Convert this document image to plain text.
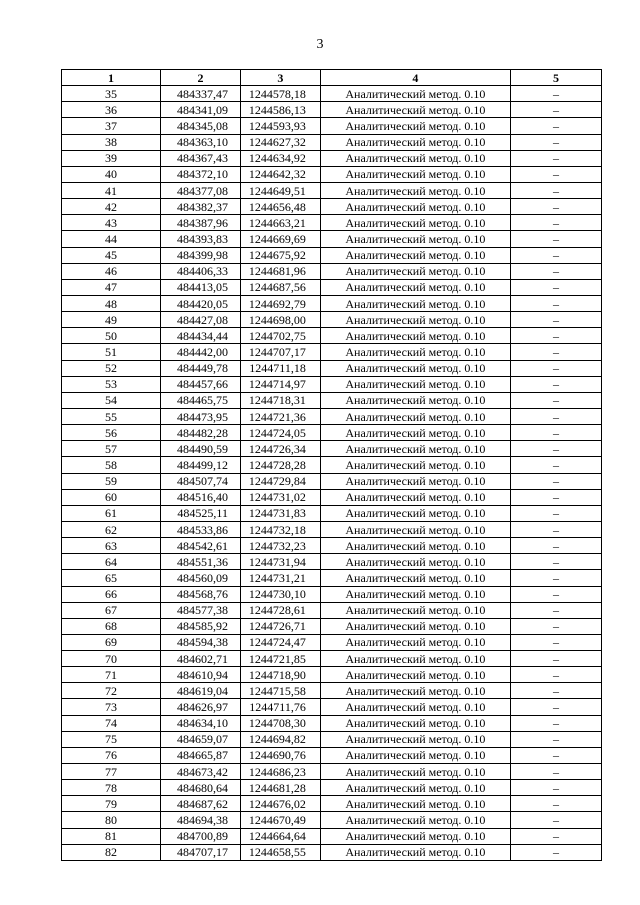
3
1	2	3	4	5
35	484337,47	1244578,18	Аналитический метод. 0.10	–
36	484341,09	1244586,13	Аналитический метод. 0.10	–
37	484345,08	1244593,93	Аналитический метод. 0.10	–
38	484363,10	1244627,32	Аналитический метод. 0.10	–
39	484367,43	1244634,92	Аналитический метод. 0.10	–
40	484372,10	1244642,32	Аналитический метод. 0.10	–
41	484377,08	1244649,51	Аналитический метод. 0.10	–
42	484382,37	1244656,48	Аналитический метод. 0.10	–
43	484387,96	1244663,21	Аналитический метод. 0.10	–
44	484393,83	1244669,69	Аналитический метод. 0.10	–
45	484399,98	1244675,92	Аналитический метод. 0.10	–
46	484406,33	1244681,96	Аналитический метод. 0.10	–
47	484413,05	1244687,56	Аналитический метод. 0.10	–
48	484420,05	1244692,79	Аналитический метод. 0.10	–
49	484427,08	1244698,00	Аналитический метод. 0.10	–
50	484434,44	1244702,75	Аналитический метод. 0.10	–
51	484442,00	1244707,17	Аналитический метод. 0.10	–
52	484449,78	1244711,18	Аналитический метод. 0.10	–
53	484457,66	1244714,97	Аналитический метод. 0.10	–
54	484465,75	1244718,31	Аналитический метод. 0.10	–
55	484473,95	1244721,36	Аналитический метод. 0.10	–
56	484482,28	1244724,05	Аналитический метод. 0.10	–
57	484490,59	1244726,34	Аналитический метод. 0.10	–
58	484499,12	1244728,28	Аналитический метод. 0.10	–
59	484507,74	1244729,84	Аналитический метод. 0.10	–
60	484516,40	1244731,02	Аналитический метод. 0.10	–
61	484525,11	1244731,83	Аналитический метод. 0.10	–
62	484533,86	1244732,18	Аналитический метод. 0.10	–
63	484542,61	1244732,23	Аналитический метод. 0.10	–
64	484551,36	1244731,94	Аналитический метод. 0.10	–
65	484560,09	1244731,21	Аналитический метод. 0.10	–
66	484568,76	1244730,10	Аналитический метод. 0.10	–
67	484577,38	1244728,61	Аналитический метод. 0.10	–
68	484585,92	1244726,71	Аналитический метод. 0.10	–
69	484594,38	1244724,47	Аналитический метод. 0.10	–
70	484602,71	1244721,85	Аналитический метод. 0.10	–
71	484610,94	1244718,90	Аналитический метод. 0.10	–
72	484619,04	1244715,58	Аналитический метод. 0.10	–
73	484626,97	1244711,76	Аналитический метод. 0.10	–
74	484634,10	1244708,30	Аналитический метод. 0.10	–
75	484659,07	1244694,82	Аналитический метод. 0.10	–
76	484665,87	1244690,76	Аналитический метод. 0.10	–
77	484673,42	1244686,23	Аналитический метод. 0.10	–
78	484680,64	1244681,28	Аналитический метод. 0.10	–
79	484687,62	1244676,02	Аналитический метод. 0.10	–
80	484694,38	1244670,49	Аналитический метод. 0.10	–
81	484700,89	1244664,64	Аналитический метод. 0.10	–
82	484707,17	1244658,55	Аналитический метод. 0.10	–
